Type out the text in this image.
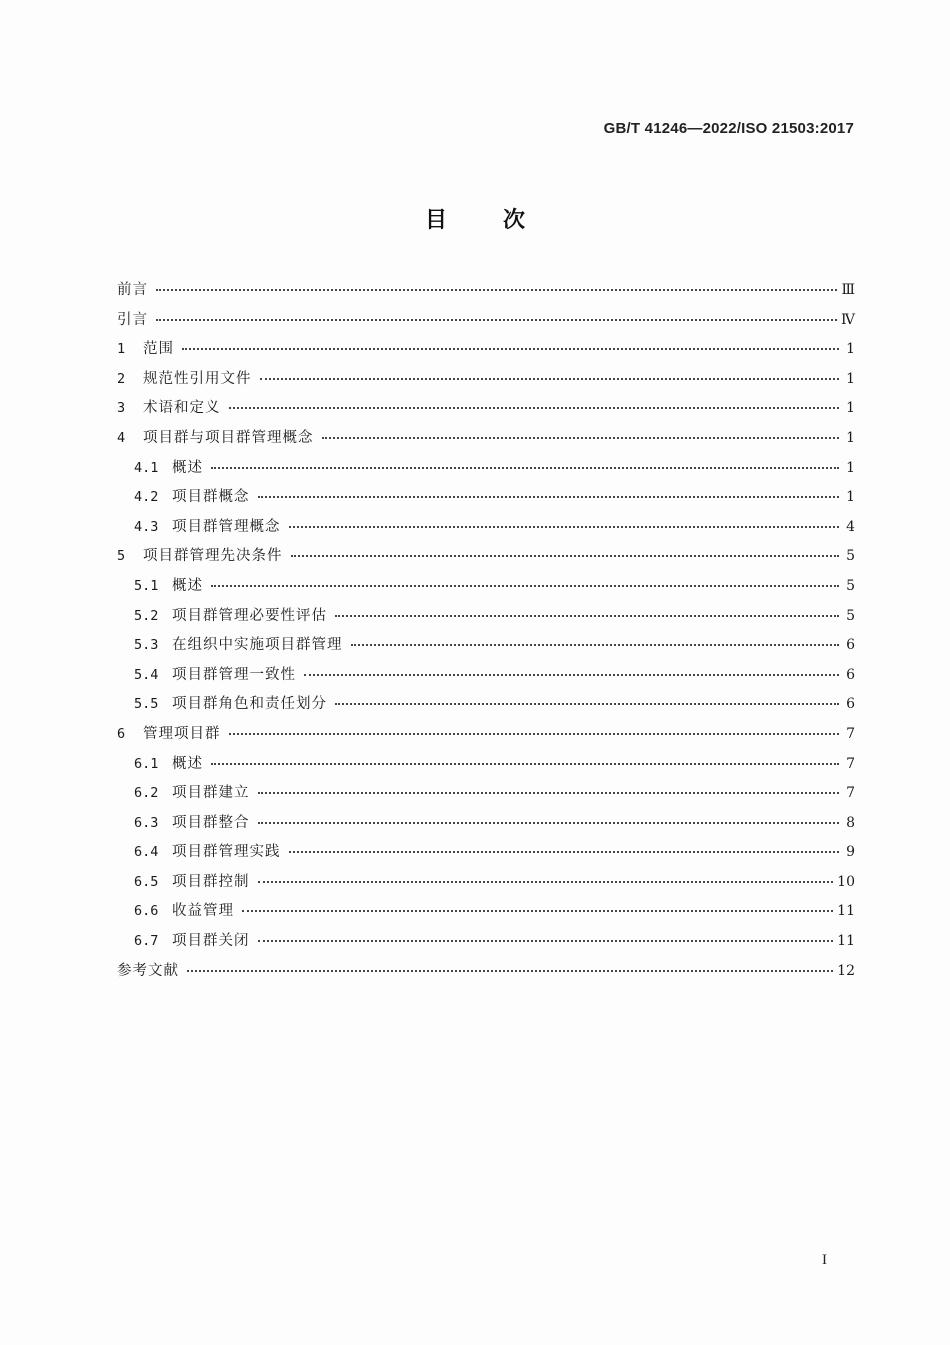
GB/T 41246—2022/ISO 21503:2017
目次
前言	Ⅲ
引言	Ⅳ
1	范围	1
2	规范性引用文件	1
3	术语和定义	1
4	项目群与项目群管理概念	1
4.1 概述	1
4.2 项目群概念	1
4.3 项目群管理概念	4
5	项目群管理先决条件	5
5.1 概述	5
5.2 项目群管理必要性评估	5
5.3 在组织中实施项目群管理	6
5.4 项目群管理一致性	6
5.5 项目群角色和责任划分	6
6	管理项目群	7
6.1 概述	7
6.2 项目群建立	7
6.3 项目群整合	8
6.4 项目群管理实践	9
6.5 项目群控制	10
6.6 收益管理	11
6.7 项目群关闭	11
参考文献	12
I
